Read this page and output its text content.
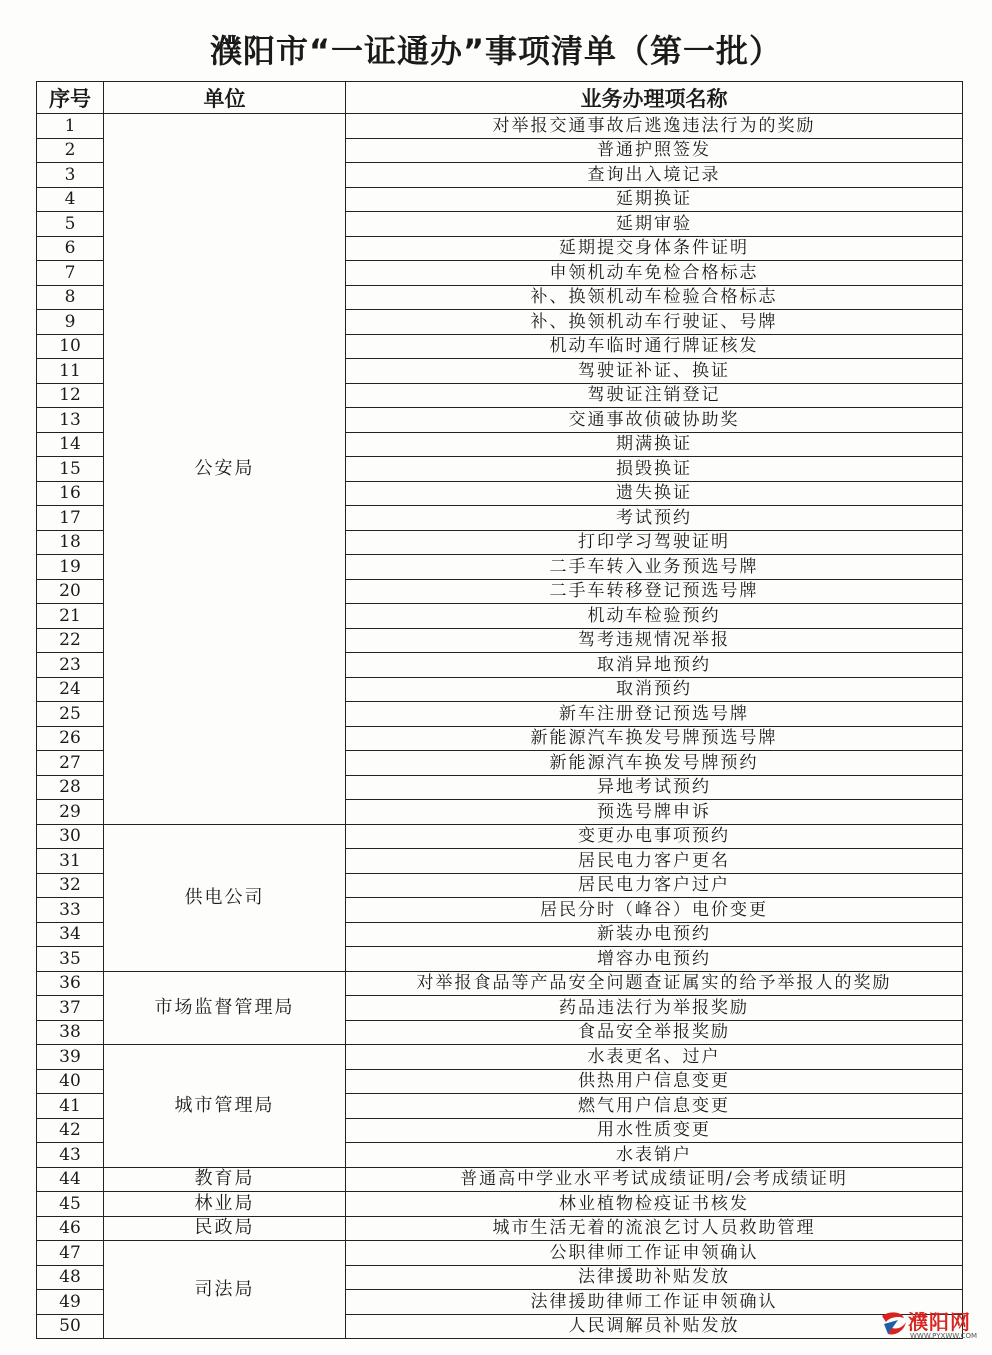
濮阳市“一证通办”事项清单（第一批）
序号	单位	业务办理项名称
1	公安局	对举报交通事故后逃逸违法行为的奖励
2		普通护照签发
3		查询出入境记录
4		延期换证
5		延期审验
6		延期提交身体条件证明
7		申领机动车免检合格标志
8		补、换领机动车检验合格标志
9		补、换领机动车行驶证、号牌
10		机动车临时通行牌证核发
11		驾驶证补证、换证
12		驾驶证注销登记
13		交通事故侦破协助奖
14		期满换证
15		损毁换证
16		遗失换证
17		考试预约
18		打印学习驾驶证明
19		二手车转入业务预选号牌
20		二手车转移登记预选号牌
21		机动车检验预约
22		驾考违规情况举报
23		取消异地预约
24		取消预约
25		新车注册登记预选号牌
26		新能源汽车换发号牌预选号牌
27		新能源汽车换发号牌预约
28		异地考试预约
29		预选号牌申诉
30	供电公司	变更办电事项预约
31		居民电力客户更名
32		居民电力客户过户
33		居民分时（峰谷）电价变更
34		新装办电预约
35		增容办电预约
36	市场监督管理局	对举报食品等产品安全问题查证属实的给予举报人的奖励
37		药品违法行为举报奖励
38		食品安全举报奖励
39	城市管理局	水表更名、过户
40		供热用户信息变更
41		燃气用户信息变更
42		用水性质变更
43		水表销户
44	教育局	普通高中学业水平考试成绩证明/会考成绩证明
45	林业局	林业植物检疫证书核发
46	民政局	城市生活无着的流浪乞讨人员救助管理
47	司法局	公职律师工作证申领确认
48		法律援助补贴发放
49		法律援助律师工作证申领确认
50		人民调解员补贴发放	濮阳网
WWW.PYXWW.COM
